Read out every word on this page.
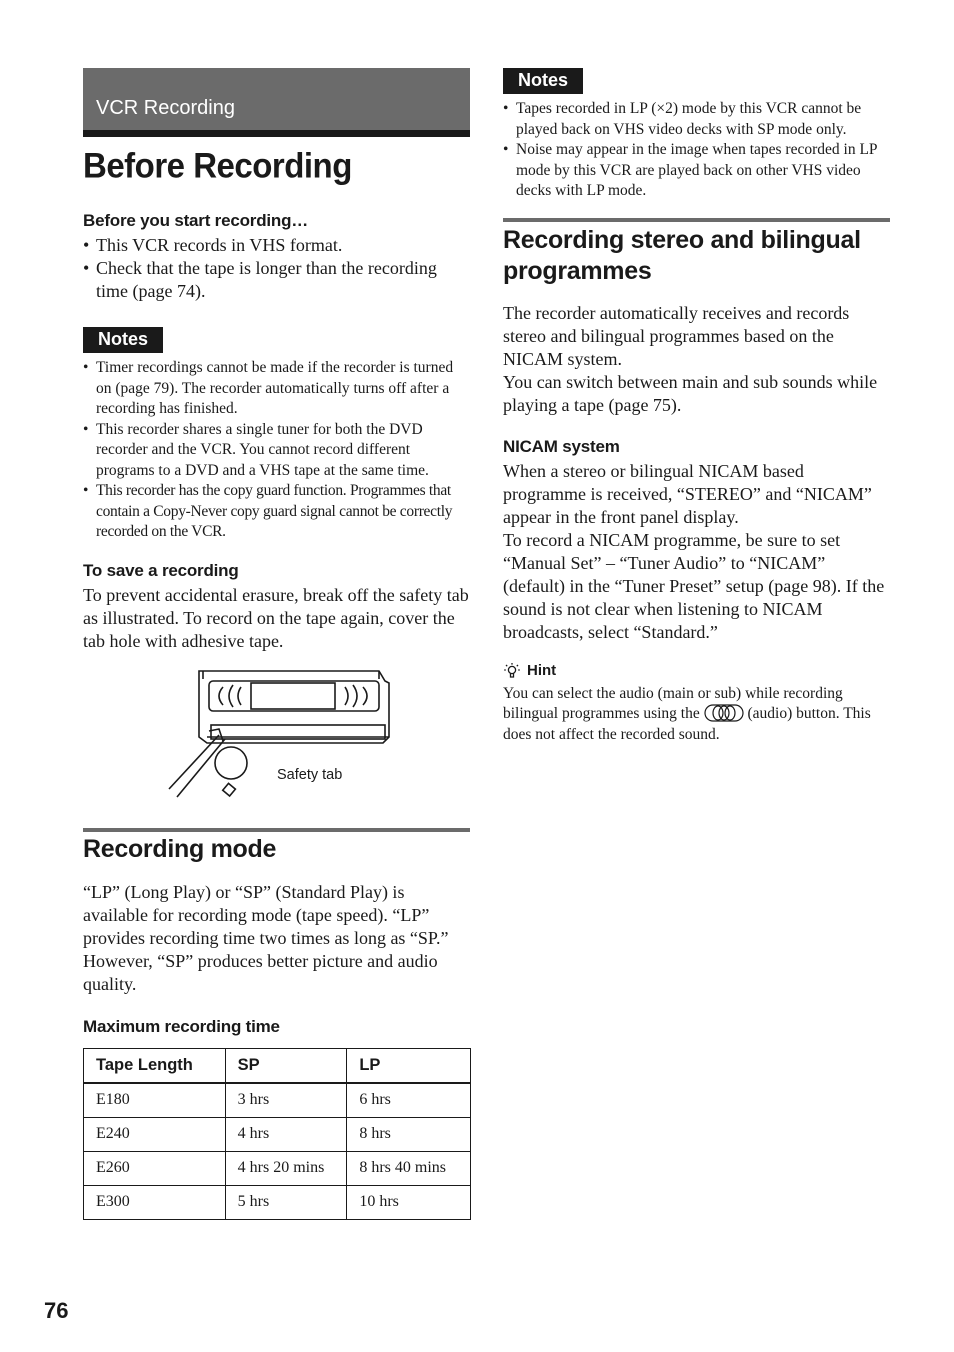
VCR Recording
Before Recording
Before you start recording…
• This VCR records in VHS format.
• Check that the tape is longer than the recording time (page 74).
Notes
• Timer recordings cannot be made if the recorder is turned on (page 79). The recorder automatically turns off after a recording has finished.
• This recorder shares a single tuner for both the DVD recorder and the VCR. You cannot record different programs to a DVD and a VHS tape at the same time.
• This recorder has the copy guard function. Programmes that contain a Copy-Never copy guard signal cannot be correctly recorded on the VCR.
To save a recording

To prevent accidental erasure, break off the safety tab as illustrated. To record on the tape again, cover the tab hole with adhesive tape.

Safety tab
Recording mode

“LP” (Long Play) or “SP” (Standard Play) is available for recording mode (tape speed). “LP” provides recording time two times as long as “SP.” However, “SP” produces better picture and audio quality.

Maximum recording time
Tape Length	SP	LP
E180	3 hrs	6 hrs
E240	4 hrs	8 hrs
E260	4 hrs 20 mins	8 hrs 40 mins
E300	5 hrs	10 hrs
Notes
• Tapes recorded in LP (×2) mode by this VCR cannot be played back on VHS video decks with SP mode only.
• Noise may appear in the image when tapes recorded in LP mode by this VCR are played back on other VHS video decks with LP mode.
Recording stereo and bilingual programmes

The recorder automatically receives and records stereo and bilingual programmes based on the NICAM system.

You can switch between main and sub sounds while playing a tape (page 75).

NICAM system

When a stereo or bilingual NICAM based programme is received, “STEREO” and “NICAM” appear in the front panel display.

To record a NICAM programme, be sure to set “Manual Set” – “Tuner Audio” to “NICAM” (default) in the “Tuner Preset” setup (page 98). If the sound is not clear when listening to NICAM broadcasts, select “Standard.”

Hint

You can select the audio (main or sub) while recording bilingual programmes using the	(audio) button. This does not affect the recorded sound.

76
